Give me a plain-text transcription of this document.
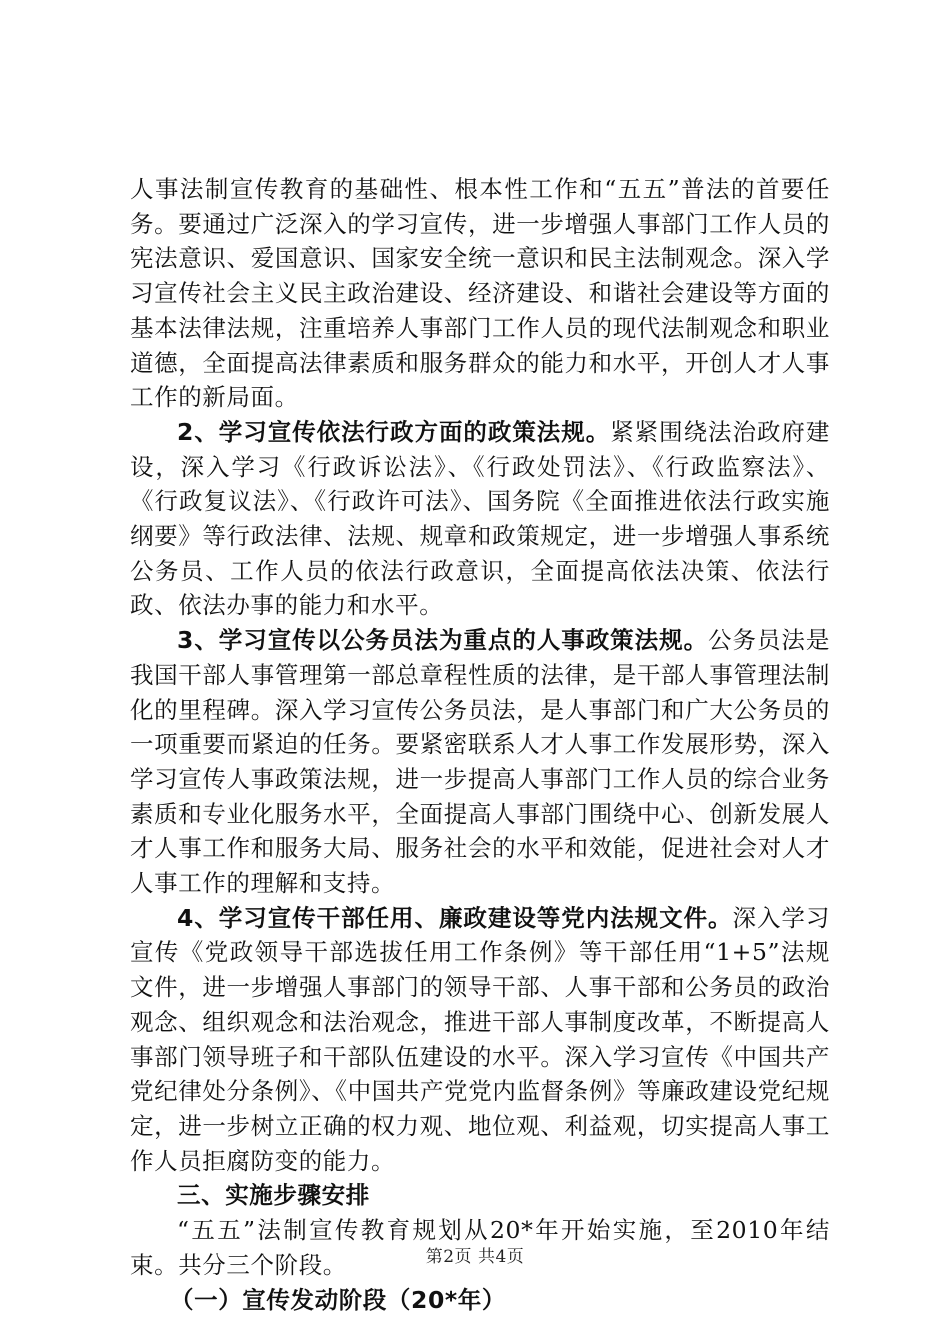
人事法制宣传教育的基础性、根本性工作和“五五”普法的首要任务。要通过广泛深入的学习宣传，进一步增强人事部门工作人员的宪法意识、爱国意识、国家安全统一意识和民主法制观念。深入学习宣传社会主义民主政治建设、经济建设、和谐社会建设等方面的基本法律法规，注重培养人事部门工作人员的现代法制观念和职业道德，全面提高法律素质和服务群众的能力和水平，开创人才人事工作的新局面。

2、学习宣传依法行政方面的政策法规。紧紧围绕法治政府建设，深入学习《行政诉讼法》、《行政处罚法》、《行政监察法》、《行政复议法》、《行政许可法》、国务院《全面推进依法行政实施纲要》等行政法律、法规、规章和政策规定，进一步增强人事系统公务员、工作人员的依法行政意识，全面提高依法决策、依法行政、依法办事的能力和水平。

3、学习宣传以公务员法为重点的人事政策法规。公务员法是我国干部人事管理第一部总章程性质的法律，是干部人事管理法制化的里程碑。深入学习宣传公务员法，是人事部门和广大公务员的一项重要而紧迫的任务。要紧密联系人才人事工作发展形势，深入学习宣传人事政策法规，进一步提高人事部门工作人员的综合业务素质和专业化服务水平，全面提高人事部门围绕中心、创新发展人才人事工作和服务大局、服务社会的水平和效能，促进社会对人才人事工作的理解和支持。

4、学习宣传干部任用、廉政建设等党内法规文件。深入学习宣传《党政领导干部选拔任用工作条例》等干部任用“1+5”法规文件，进一步增强人事部门的领导干部、人事干部和公务员的政治观念、组织观念和法治观念，推进干部人事制度改革，不断提高人事部门领导班子和干部队伍建设的水平。深入学习宣传《中国共产党纪律处分条例》、《中国共产党党内监督条例》等廉政建设党纪规定，进一步树立正确的权力观、地位观、利益观，切实提高人事工作人员拒腐防变的能力。

三、实施步骤安排

“五五”法制宣传教育规划从20*年开始实施，至2010年结束。共分三个阶段。

（一）宣传发动阶段（20*年）

第2页 共4页
